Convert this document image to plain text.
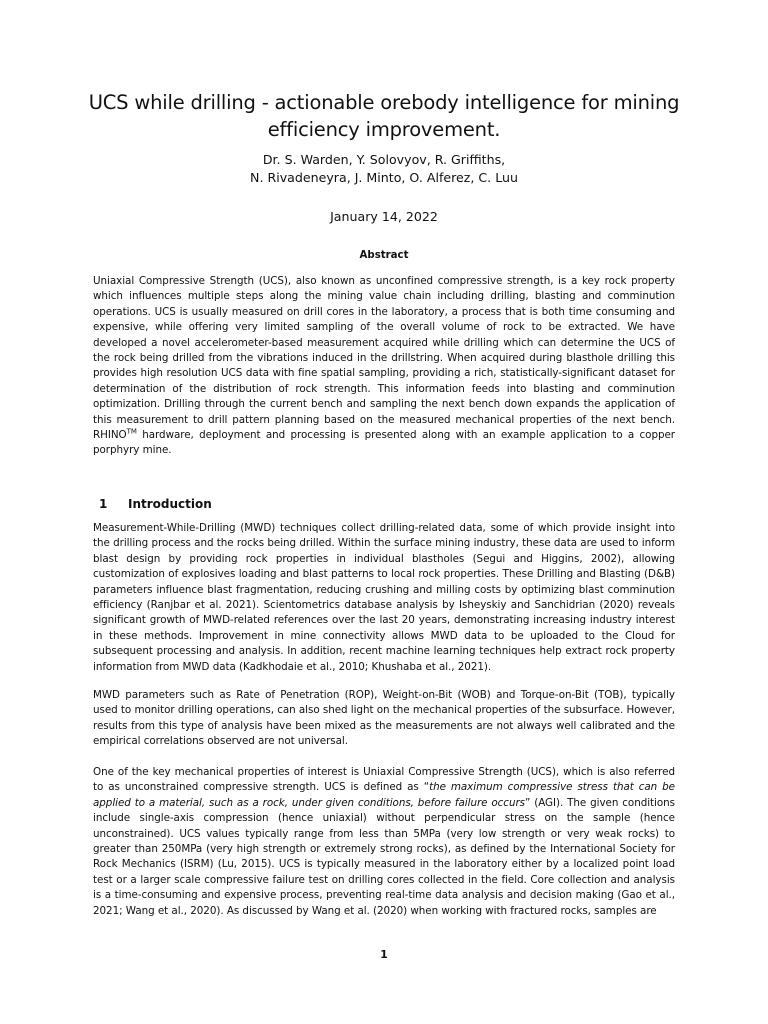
UCS while drilling - actionable orebody intelligence for mining efficiency improvement.
Dr. S. Warden, Y. Solovyov, R. Griffiths,
N. Rivadeneyra, J. Minto, O. Alferez, C. Luu
January 14, 2022
Abstract
Uniaxial Compressive Strength (UCS), also known as unconfined compressive strength, is a key rock property which influences multiple steps along the mining value chain including drilling, blasting and comminution operations. UCS is usually measured on drill cores in the laboratory, a process that is both time consuming and expensive, while offering very limited sampling of the overall volume of rock to be extracted. We have developed a novel accelerometer-based measurement acquired while drilling which can determine the UCS of the rock being drilled from the vibrations induced in the drillstring. When acquired during blasthole drilling this provides high resolution UCS data with fine spatial sampling, providing a rich, statistically-significant dataset for determination of the distribution of rock strength. This information feeds into blasting and comminution optimization. Drilling through the current bench and sampling the next bench down expands the application of this measurement to drill pattern planning based on the measured mechanical properties of the next bench. RHINO™ hardware, deployment and processing is presented along with an example application to a copper porphyry mine.
1 Introduction
Measurement-While-Drilling (MWD) techniques collect drilling-related data, some of which provide insight into the drilling process and the rocks being drilled. Within the surface mining industry, these data are used to inform blast design by providing rock properties in individual blastholes (Segui and Higgins, 2002), allowing customization of explosives loading and blast patterns to local rock properties. These Drilling and Blasting (D&B) parameters influence blast fragmentation, reducing crushing and milling costs by optimizing blast comminution efficiency (Ranjbar et al. 2021). Scientometrics database analysis by Isheyskiy and Sanchidrian (2020) reveals significant growth of MWD-related references over the last 20 years, demonstrating increasing industry interest in these methods. Improvement in mine connectivity allows MWD data to be uploaded to the Cloud for subsequent processing and analysis. In addition, recent machine learning techniques help extract rock property information from MWD data (Kadkhodaie et al., 2010; Khushaba et al., 2021).
MWD parameters such as Rate of Penetration (ROP), Weight-on-Bit (WOB) and Torque-on-Bit (TOB), typically used to monitor drilling operations, can also shed light on the mechanical properties of the subsurface. However, results from this type of analysis have been mixed as the measurements are not always well calibrated and the empirical correlations observed are not universal.
One of the key mechanical properties of interest is Uniaxial Compressive Strength (UCS), which is also referred to as unconstrained compressive strength. UCS is defined as “the maximum compressive stress that can be applied to a material, such as a rock, under given conditions, before failure occurs” (AGI). The given conditions include single-axis compression (hence uniaxial) without perpendicular stress on the sample (hence unconstrained). UCS values typically range from less than 5MPa (very low strength or very weak rocks) to greater than 250MPa (very high strength or extremely strong rocks), as defined by the International Society for Rock Mechanics (ISRM) (Lu, 2015). UCS is typically measured in the laboratory either by a localized point load test or a larger scale compressive failure test on drilling cores collected in the field. Core collection and analysis is a time-consuming and expensive process, preventing real-time data analysis and decision making (Gao et al., 2021; Wang et al., 2020). As discussed by Wang et al. (2020) when working with fractured rocks, samples are
1
